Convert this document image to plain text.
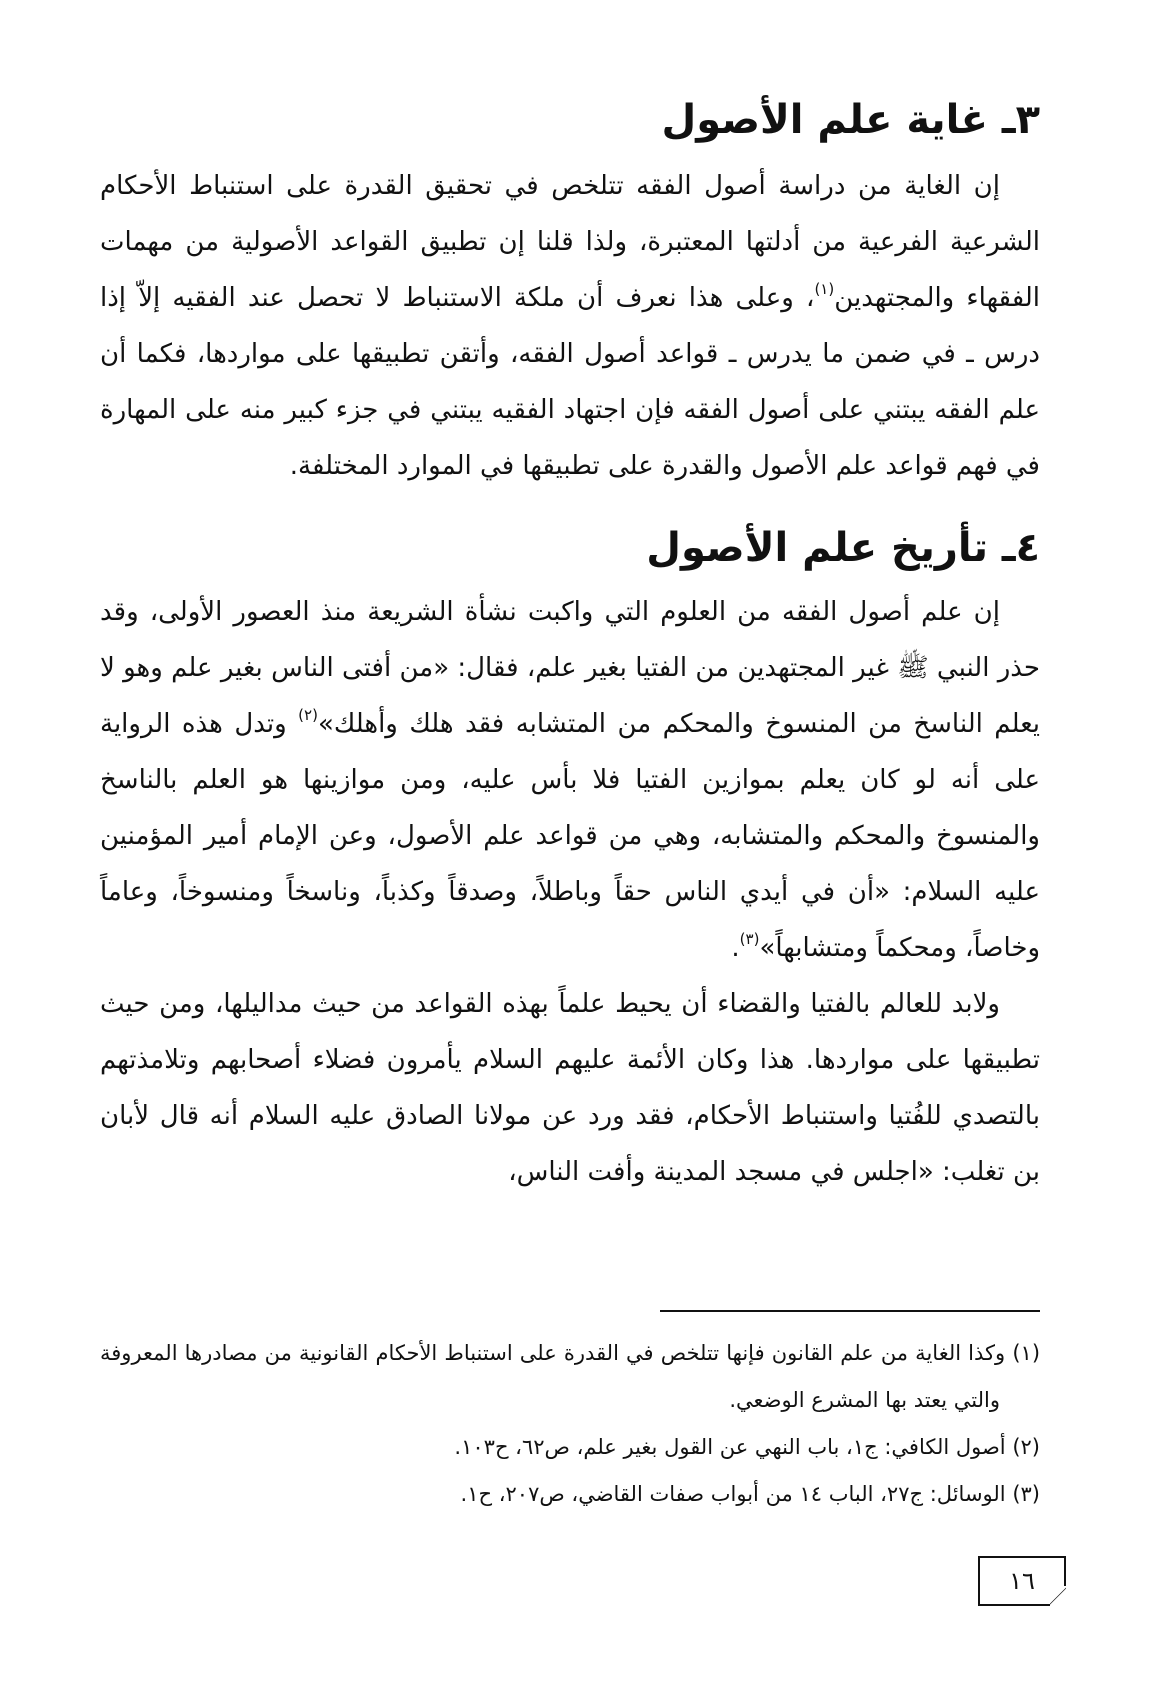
٣ـ غاية علم الأصول

إن الغاية من دراسة أصول الفقه تتلخص في تحقيق القدرة على استنباط الأحكام الشرعية الفرعية من أدلتها المعتبرة، ولذا قلنا إن تطبيق القواعد الأصولية من مهمات الفقهاء والمجتهدين$^{(١)}$، وعلى هذا نعرف أن ملكة الاستنباط لا تحصل عند الفقيه إلاّ إذا درس ـ في ضمن ما يدرس ـ قواعد أصول الفقه، وأتقن تطبيقها على مواردها، فكما أن علم الفقه يبتني على أصول الفقه فإن اجتهاد الفقيه يبتني في جزء كبير منه على المهارة في فهم قواعد علم الأصول والقدرة على تطبيقها في الموارد المختلفة.

٤ـ تأريخ علم الأصول

إن علم أصول الفقه من العلوم التي واكبت نشأة الشريعة منذ العصور الأولى، وقد حذر النبي ﷺ غير المجتهدين من الفتيا بغير علم، فقال: «من أفتى الناس بغير علم وهو لا يعلم الناسخ من المنسوخ والمحكم من المتشابه فقد هلك وأهلك»$^{(٢)}$ وتدل هذه الرواية على أنه لو كان يعلم بموازين الفتيا فلا بأس عليه، ومن موازينها هو العلم بالناسخ والمنسوخ والمحكم والمتشابه، وهي من قواعد علم الأصول، وعن الإمام أمير المؤمنين عليه السلام: «أن في أيدي الناس حقاً وباطلاً، وصدقاً وكذباً، وناسخاً ومنسوخاً، وعاماً وخاصاً، ومحكماً ومتشابهاً»$^{(٣)}$.

ولابد للعالم بالفتيا والقضاء أن يحيط علماً بهذه القواعد من حيث مداليلها، ومن حيث تطبيقها على مواردها. هذا وكان الأئمة عليهم السلام يأمرون فضلاء أصحابهم وتلامذتهم بالتصدي للفُتيا واستنباط الأحكام، فقد ورد عن مولانا الصادق عليه السلام أنه قال لأبان بن تغلب: «اجلس في مسجد المدينة وأفت الناس،

(١) وكذا الغاية من علم القانون فإنها تتلخص في القدرة على استنباط الأحكام القانونية من مصادرها المعروفة والتي يعتد بها المشرع الوضعي.

(٢) أصول الكافي: ج١، باب النهي عن القول بغير علم، ص٦٢، ح١٠٣.

(٣) الوسائل: ج٢٧، الباب ١٤ من أبواب صفات القاضي، ص٢٠٧، ح١.

١٦
